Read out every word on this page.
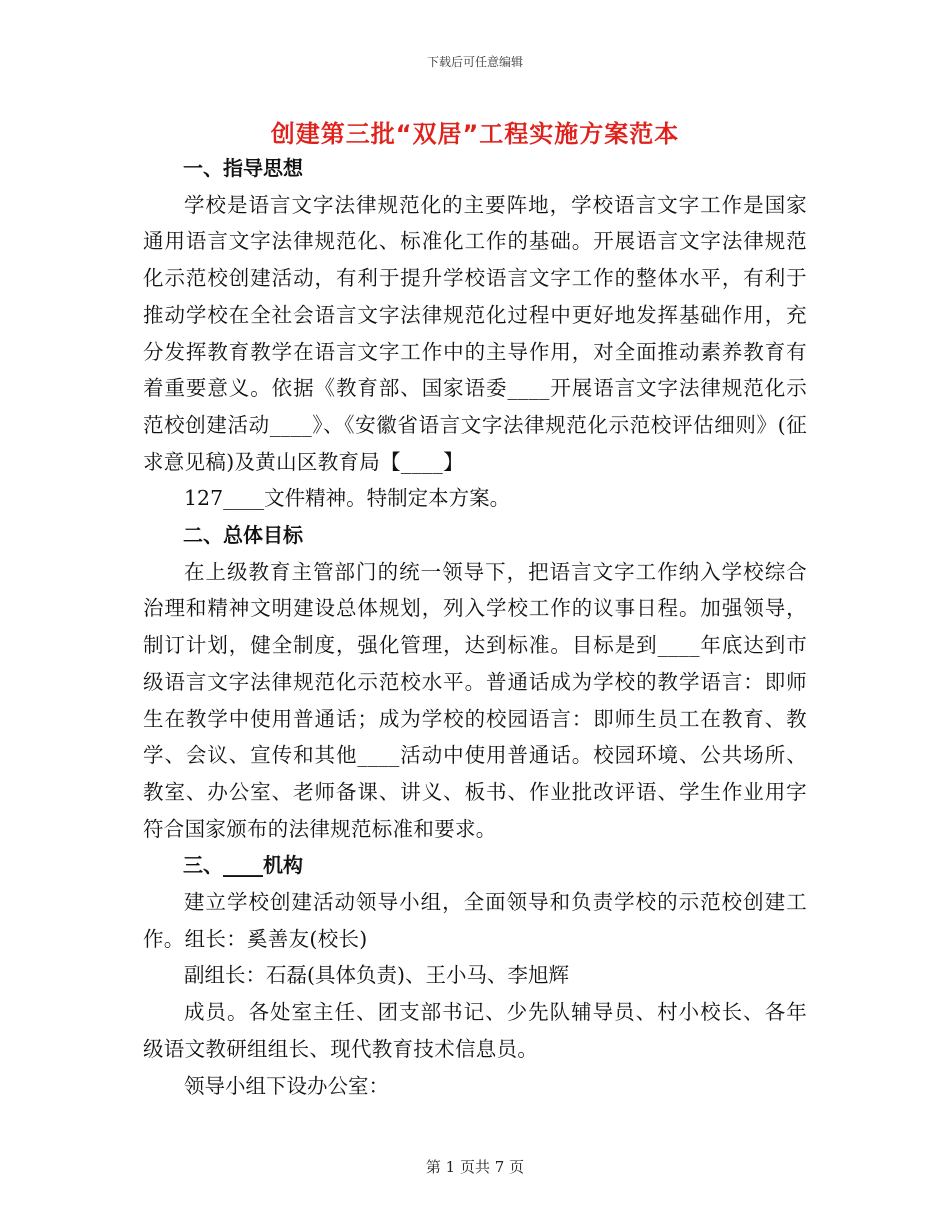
下载后可任意编辑
创建第三批“双居”工程实施方案范本

一、指导思想

学校是语言文字法律规范化的主要阵地，学校语言文字工作是国家通用语言文字法律规范化、标准化工作的基础。开展语言文字法律规范化示范校创建活动，有利于提升学校语言文字工作的整体水平，有利于推动学校在全社会语言文字法律规范化过程中更好地发挥基础作用，充分发挥教育教学在语言文字工作中的主导作用，对全面推动素养教育有着重要意义。依据《教育部、国家语委____开展语言文字法律规范化示范校创建活动____》、《安徽省语言文字法律规范化示范校评估细则》(征求意见稿)及黄山区教育局【____】

127____文件精神。特制定本方案。

二、总体目标

在上级教育主管部门的统一领导下，把语言文字工作纳入学校综合治理和精神文明建设总体规划，列入学校工作的议事日程。加强领导，制订计划，健全制度，强化管理，达到标准。目标是到____年底达到市级语言文字法律规范化示范校水平。普通话成为学校的教学语言：即师生在教学中使用普通话；成为学校的校园语言：即师生员工在教育、教学、会议、宣传和其他____活动中使用普通话。校园环境、公共场所、教室、办公室、老师备课、讲义、板书、作业批改评语、学生作业用字符合国家颁布的法律规范标准和要求。

三、____机构

建立学校创建活动领导小组，全面领导和负责学校的示范校创建工作。组长：奚善友(校长)

副组长：石磊(具体负责)、王小马、李旭辉

成员。各处室主任、团支部书记、少先队辅导员、村小校长、各年级语文教研组组长、现代教育技术信息员。

领导小组下设办公室：

第 1 页共 7 页
